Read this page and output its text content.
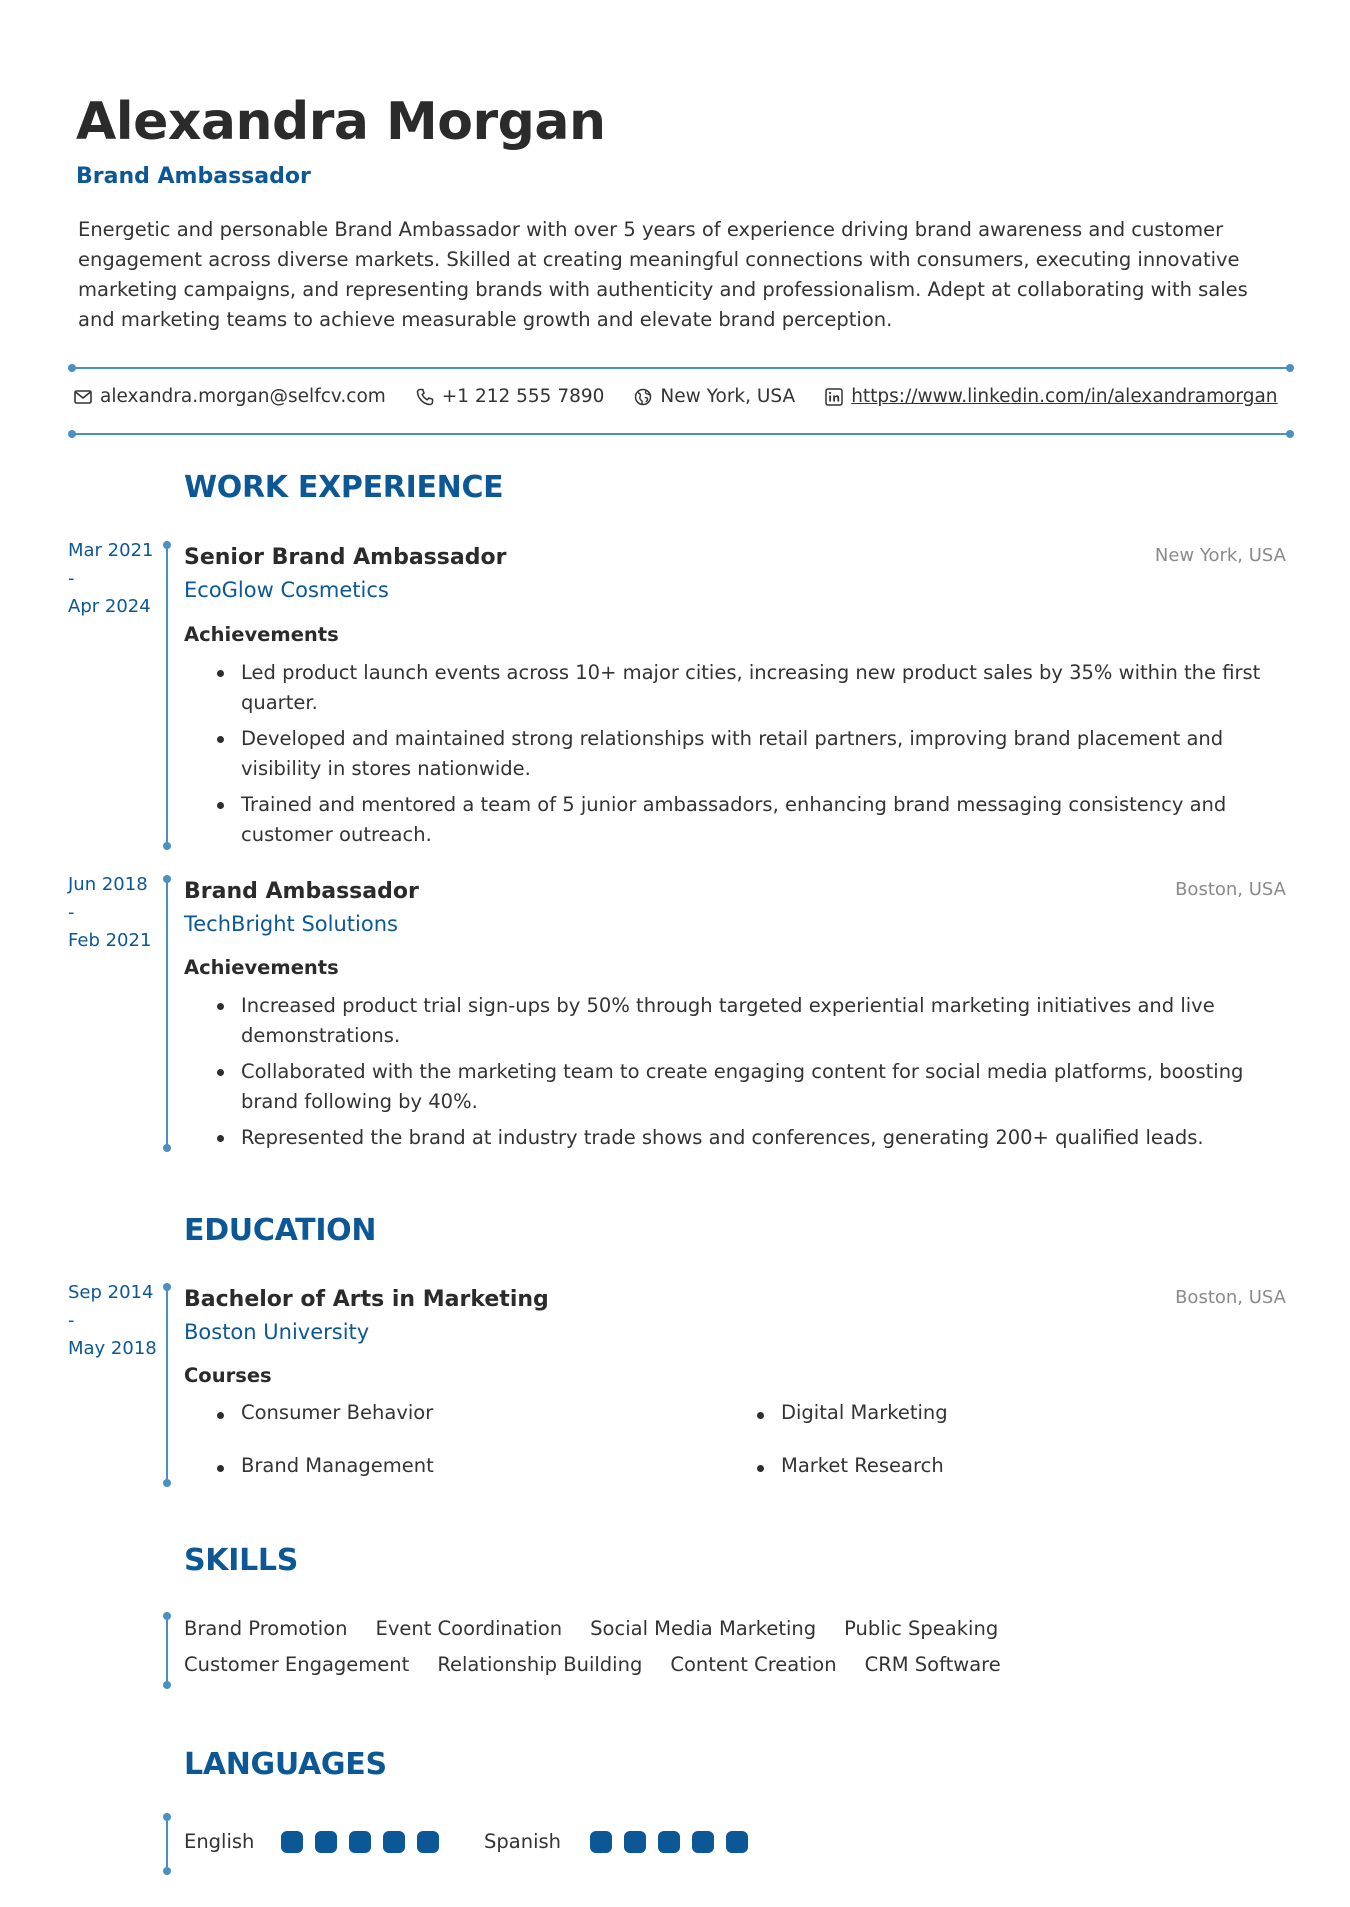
Alexandra Morgan
Brand Ambassador
Energetic and personable Brand Ambassador with over 5 years of experience driving brand awareness and customer engagement across diverse markets. Skilled at creating meaningful connections with consumers, executing innovative marketing campaigns, and representing brands with authenticity and professionalism. Adept at collaborating with sales and marketing teams to achieve measurable growth and elevate brand perception.
alexandra.morgan@selfcv.com	+1 212 555 7890	New York, USA	https://www.linkedin.com/in/alexandramorgan
WORK EXPERIENCE
Mar 2021
-
Apr 2024
Senior Brand Ambassador	New York, USA
EcoGlow Cosmetics
Achievements
Led product launch events across 10+ major cities, increasing new product sales by 35% within the first quarter.
Developed and maintained strong relationships with retail partners, improving brand placement and visibility in stores nationwide.
Trained and mentored a team of 5 junior ambassadors, enhancing brand messaging consistency and customer outreach.
Jun 2018
-
Feb 2021
Brand Ambassador	Boston, USA
TechBright Solutions
Achievements
Increased product trial sign-ups by 50% through targeted experiential marketing initiatives and live demonstrations.
Collaborated with the marketing team to create engaging content for social media platforms, boosting brand following by 40%.
Represented the brand at industry trade shows and conferences, generating 200+ qualified leads.
EDUCATION
Sep 2014
-
May 2018
Bachelor of Arts in Marketing	Boston, USA
Boston University
Courses
Consumer Behavior	Digital Marketing
Brand Management	Market Research
SKILLS
Brand Promotion Event Coordination Social Media Marketing Public Speaking
Customer Engagement Relationship Building Content Creation CRM Software
LANGUAGES
English	Spanish
